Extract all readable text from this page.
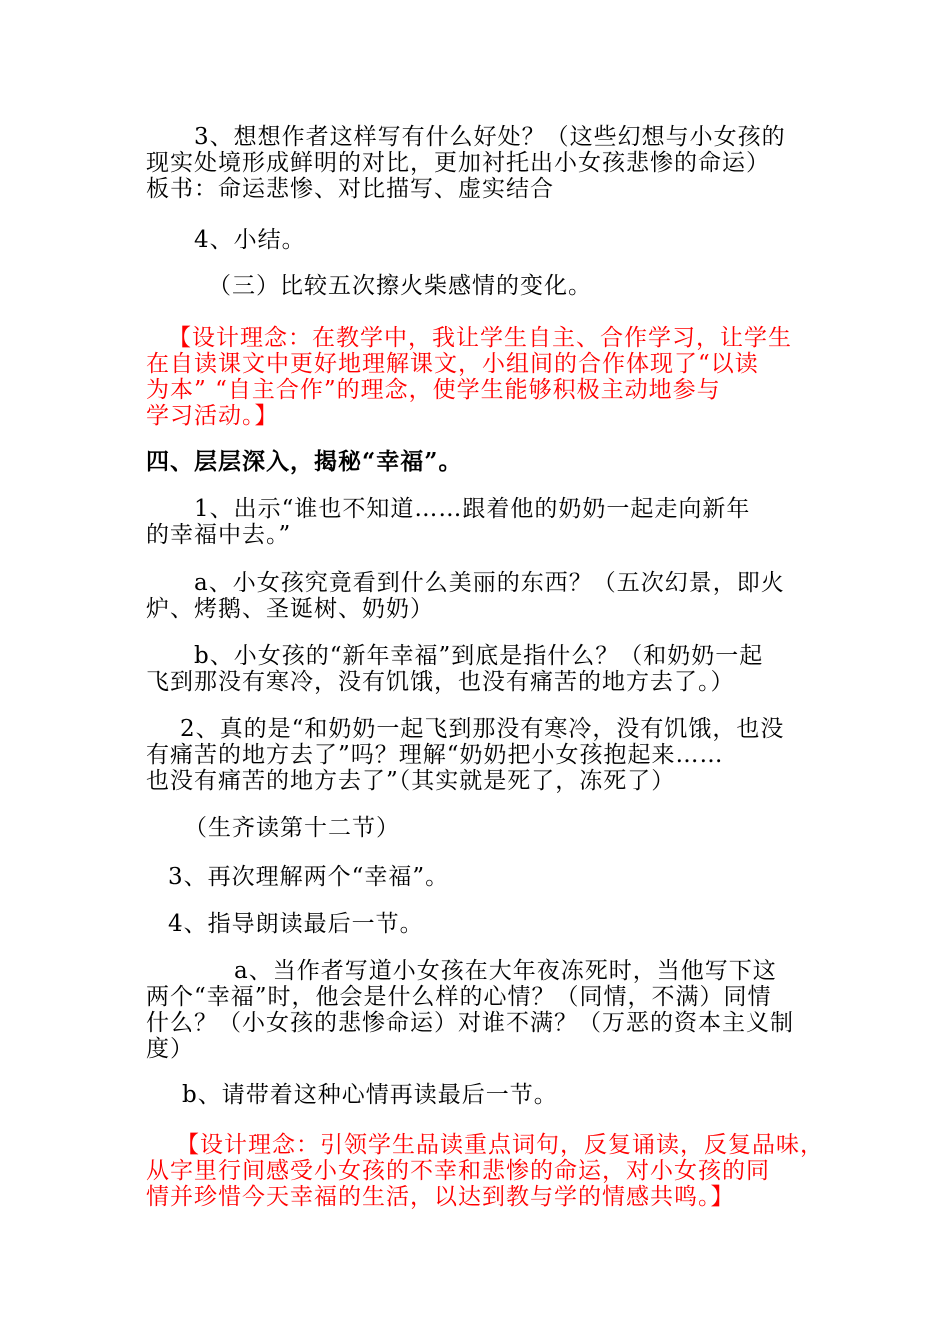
3、想想作者这样写有什么好处？（这些幻想与小女孩的
现实处境形成鲜明的对比，更加衬托出小女孩悲惨的命运）
板书：命运悲惨、对比描写、虚实结合
4、小结。
（三）比较五次擦火柴感情的变化。
【设计理念：在教学中，我让学生自主、合作学习，让学生
在自读课文中更好地理解课文，小组间的合作体现了“以读
为本” “自主合作”的理念，使学生能够积极主动地参与
学习活动。】
四、层层深入，揭秘“幸福”。
1、出示“谁也不知道……跟着他的奶奶一起走向新年
的幸福中去。”
a、小女孩究竟看到什么美丽的东西？（五次幻景，即火
炉、烤鹅、圣诞树、奶奶）
b、小女孩的“新年幸福”到底是指什么？（和奶奶一起
飞到那没有寒冷，没有饥饿，也没有痛苦的地方去了。）
2、真的是“和奶奶一起飞到那没有寒冷，没有饥饿，也没
有痛苦的地方去了”吗？理解“奶奶把小女孩抱起来……
也没有痛苦的地方去了”（其实就是死了，冻死了）
（生齐读第十二节）
3、再次理解两个“幸福”。
4、指导朗读最后一节。
a、当作者写道小女孩在大年夜冻死时，当他写下这
两个“幸福”时，他会是什么样的心情？（同情，不满）同情
什么？（小女孩的悲惨命运）对谁不满？（万恶的资本主义制
度）
b、请带着这种心情再读最后一节。
【设计理念：引领学生品读重点词句，反复诵读，反复品味，
从字里行间感受小女孩的不幸和悲惨的命运，对小女孩的同
情并珍惜今天幸福的生活，以达到教与学的情感共鸣。】
